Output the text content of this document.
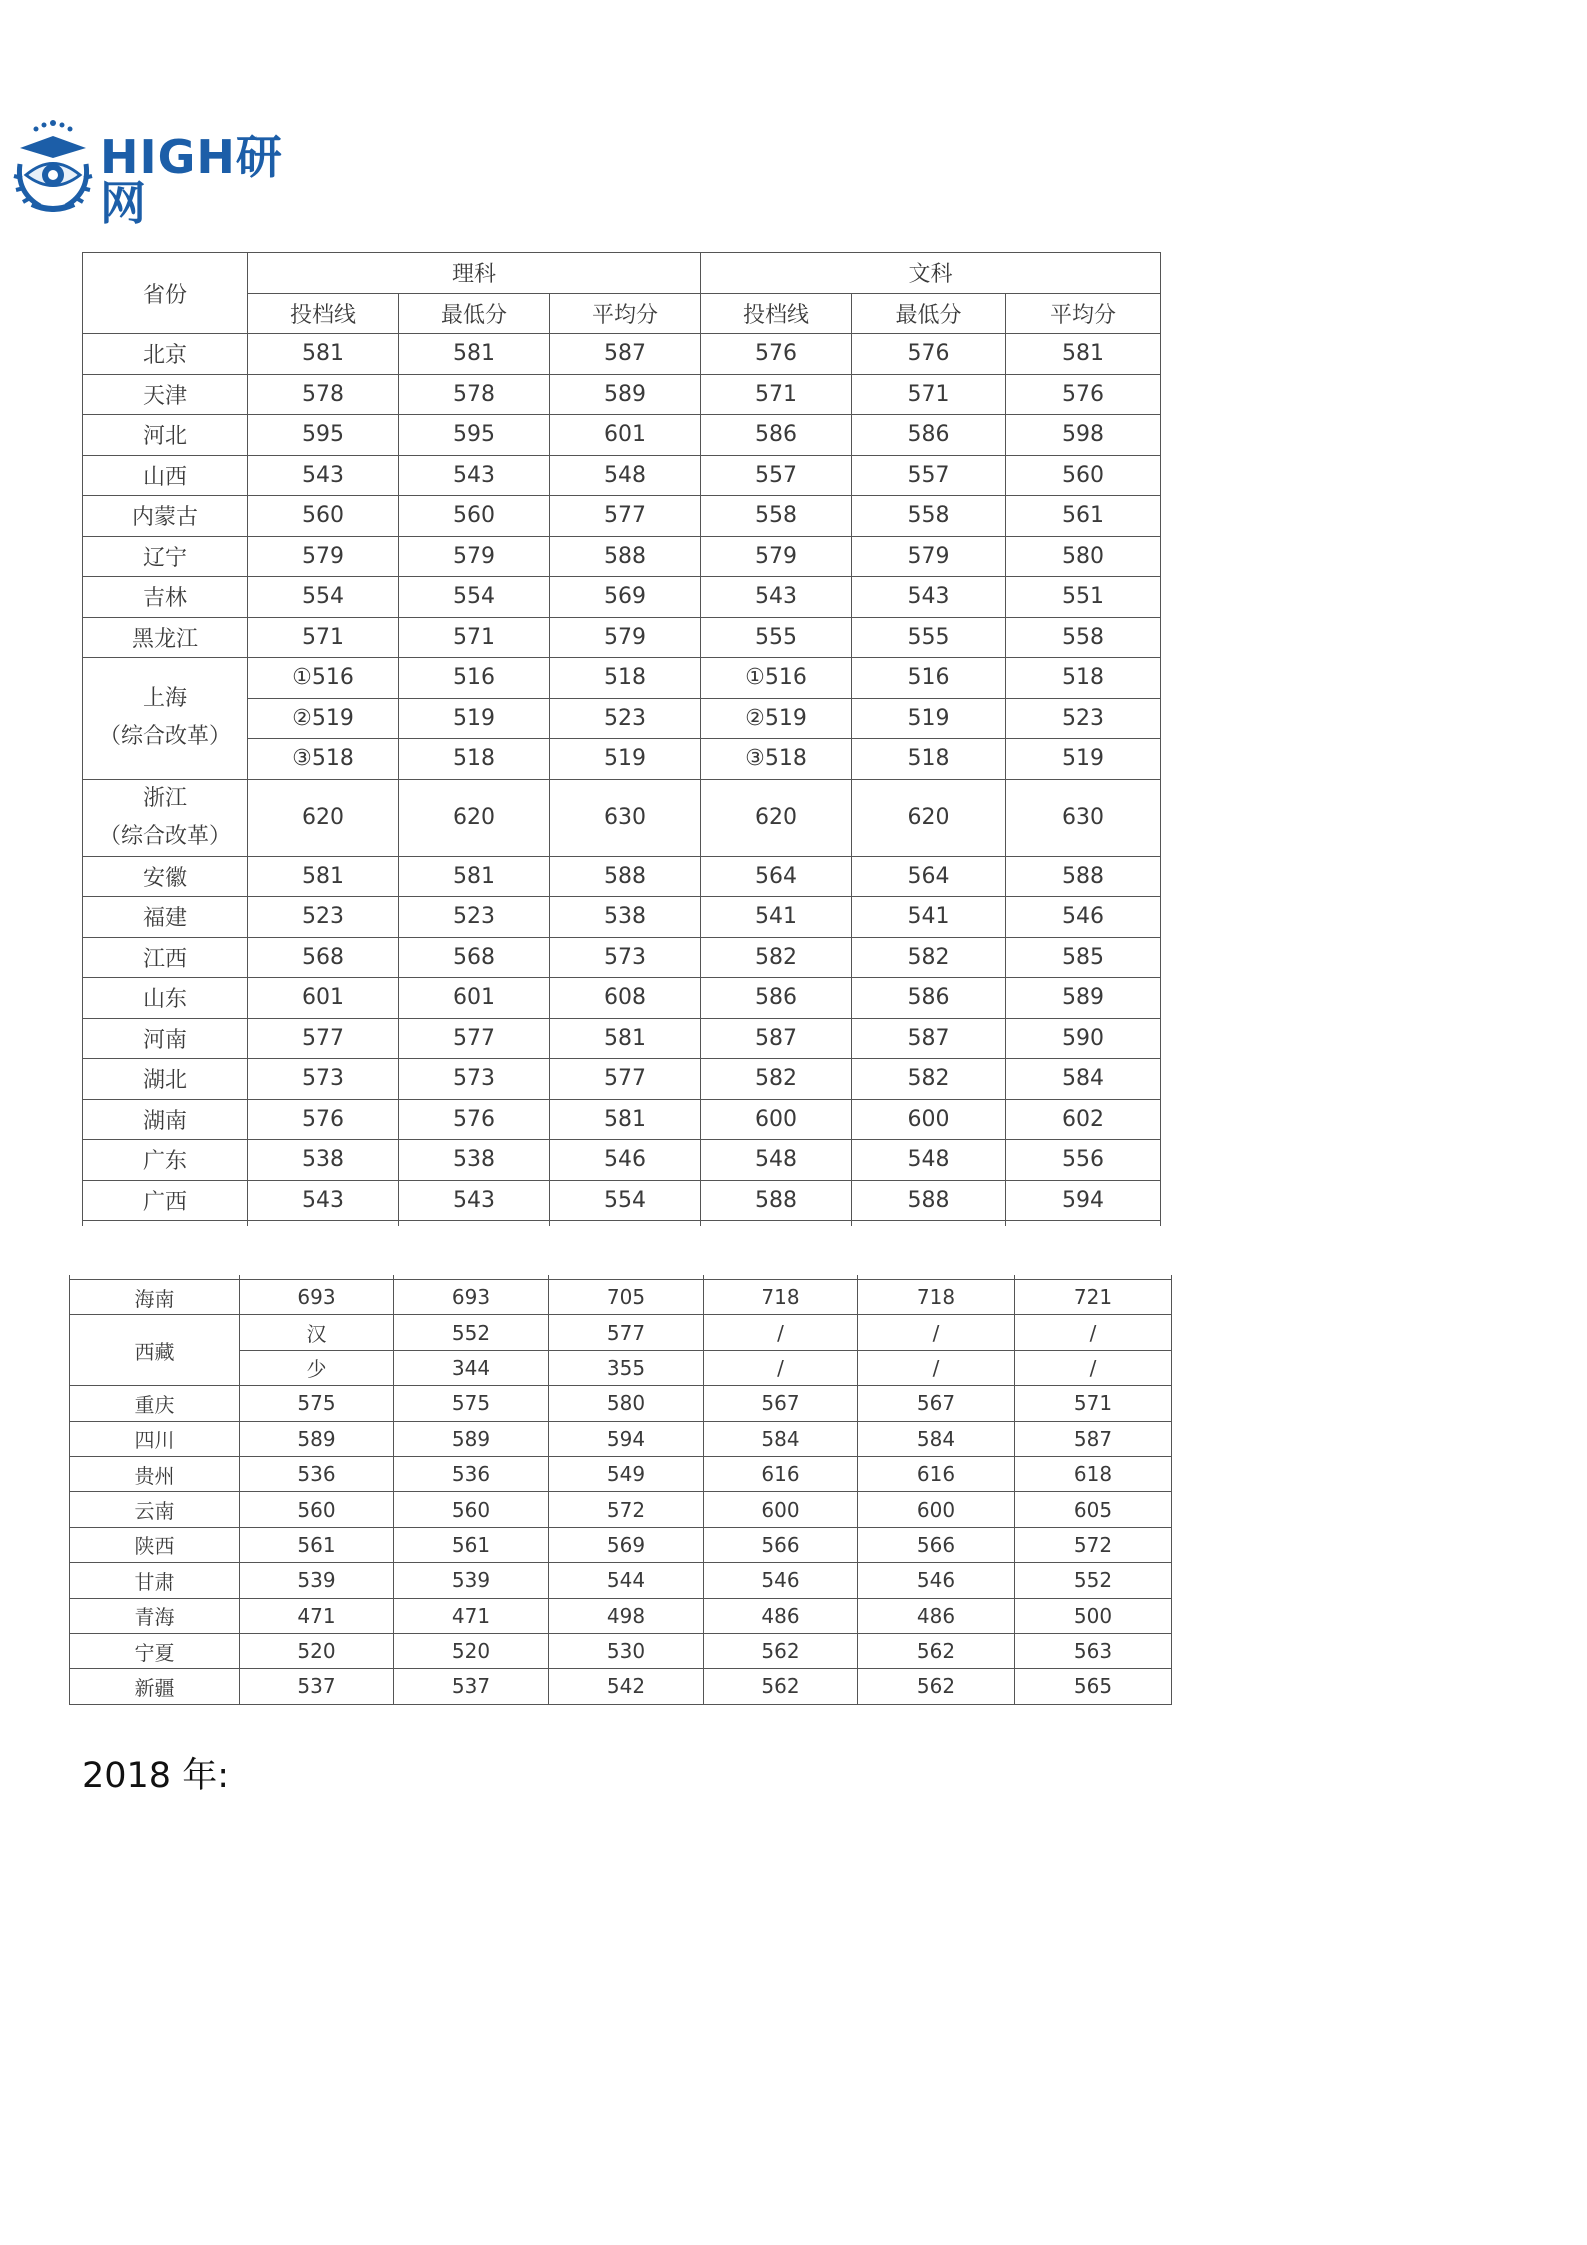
HIGH研网
省份	理科			文科		
	投档线	最低分	平均分	投档线	最低分	平均分
北京	581	581	587	576	576	581
天津	578	578	589	571	571	576
河北	595	595	601	586	586	598
山西	543	543	548	557	557	560
内蒙古	560	560	577	558	558	561
辽宁	579	579	588	579	579	580
吉林	554	554	569	543	543	551
黑龙江	571	571	579	555	555	558
上海
（综合改革）	①516	516	518	①516	516	518
	②519	519	523	②519	519	523
	③518	518	519	③518	518	519
浙江
（综合改革）	620	620	630	620	620	630
安徽	581	581	588	564	564	588
福建	523	523	538	541	541	546
江西	568	568	573	582	582	585
山东	601	601	608	586	586	589
河南	577	577	581	587	587	590
湖北	573	573	577	582	582	584
湖南	576	576	581	600	600	602
广东	538	538	546	548	548	556
广西	543	543	554	588	588	594

海南	693	693	705	718	718	721
西藏	汉	552	577	/	/	/
	少	344	355	/	/	/
重庆	575	575	580	567	567	571
四川	589	589	594	584	584	587
贵州	536	536	549	616	616	618
云南	560	560	572	600	600	605
陕西	561	561	569	566	566	572
甘肃	539	539	544	546	546	552
青海	471	471	498	486	486	500
宁夏	520	520	530	562	562	563
新疆	537	537	542	562	562	565
2018 年:
